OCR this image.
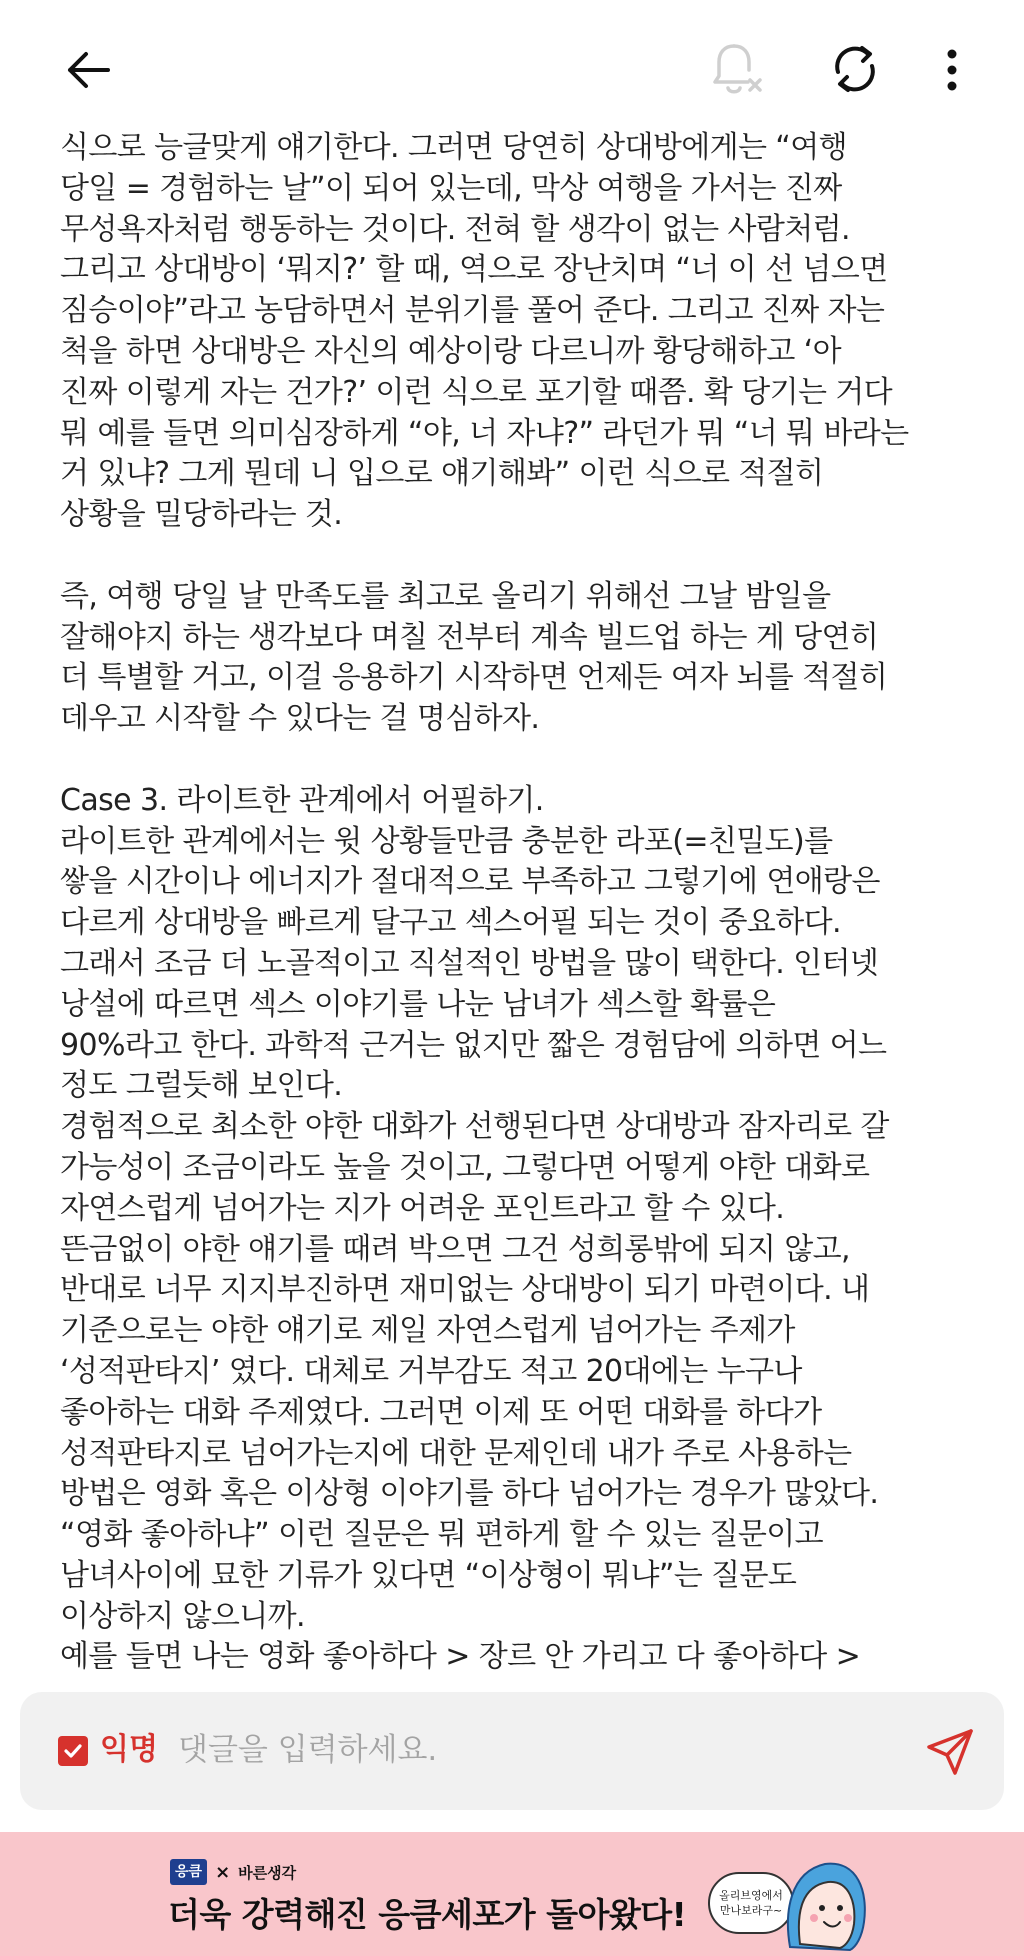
식으로 능글맞게 얘기한다. 그러면 당연히 상대방에게는 “여행
당일 = 경험하는 날”이 되어 있는데, 막상 여행을 가서는 진짜
무성욕자처럼 행동하는 것이다. 전혀 할 생각이 없는 사람처럼.
그리고 상대방이 ‘뭐지?’ 할 때, 역으로 장난치며 “너 이 선 넘으면
짐승이야”라고 농담하면서 분위기를 풀어 준다. 그리고 진짜 자는
척을 하면 상대방은 자신의 예상이랑 다르니까 황당해하고 ‘아
진짜 이렇게 자는 건가?’ 이런 식으로 포기할 때쯤. 확 당기는 거다
뭐 예를 들면 의미심장하게 “야, 너 자냐?” 라던가 뭐 “너 뭐 바라는
거 있냐? 그게 뭔데 니 입으로 얘기해봐” 이런 식으로 적절히
상황을 밀당하라는 것.

즉, 여행 당일 날 만족도를 최고로 올리기 위해선 그날 밤일을
잘해야지 하는 생각보다 며칠 전부터 계속 빌드업 하는 게 당연히
더 특별할 거고, 이걸 응용하기 시작하면 언제든 여자 뇌를 적절히
데우고 시작할 수 있다는 걸 명심하자.

Case 3. 라이트한 관계에서 어필하기.
라이트한 관계에서는 윗 상황들만큼 충분한 라포(=친밀도)를
쌓을 시간이나 에너지가 절대적으로 부족하고 그렇기에 연애랑은
다르게 상대방을 빠르게 달구고 섹스어필 되는 것이 중요하다.
그래서 조금 더 노골적이고 직설적인 방법을 많이 택한다. 인터넷
낭설에 따르면 섹스 이야기를 나눈 남녀가 섹스할 확률은
90%라고 한다. 과학적 근거는 없지만 짧은 경험담에 의하면 어느
정도 그럴듯해 보인다.
경험적으로 최소한 야한 대화가 선행된다면 상대방과 잠자리로 갈
가능성이 조금이라도 높을 것이고, 그렇다면 어떻게 야한 대화로
자연스럽게 넘어가는 지가 어려운 포인트라고 할 수 있다.
뜬금없이 야한 얘기를 때려 박으면 그건 성희롱밖에 되지 않고,
반대로 너무 지지부진하면 재미없는 상대방이 되기 마련이다. 내
기준으로는 야한 얘기로 제일 자연스럽게 넘어가는 주제가
‘성적판타지’ 였다. 대체로 거부감도 적고 20대에는 누구나
좋아하는 대화 주제였다. 그러면 이제 또 어떤 대화를 하다가
성적판타지로 넘어가는지에 대한 문제인데 내가 주로 사용하는
방법은 영화 혹은 이상형 이야기를 하다 넘어가는 경우가 많았다.
“영화 좋아하냐” 이런 질문은 뭐 편하게 할 수 있는 질문이고
남녀사이에 묘한 기류가 있다면 “이상형이 뭐냐”는 질문도
이상하지 않으니까.
예를 들면 나는 영화 좋아하다 > 장르 안 가리고 다 좋아하다 >

익명
댓글을 입력하세요.
응큼 × 바른생각
더욱 강력해진 응큼세포가 돌아왔다!	올리브영에서
만나보라구~
